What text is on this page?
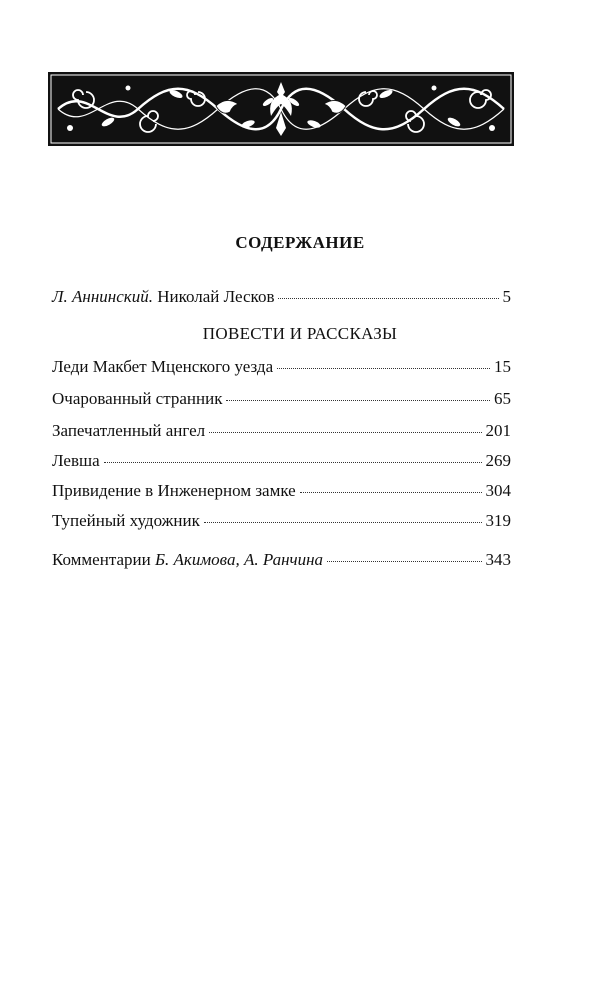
СОДЕРЖАНИЕ
Л. Аннинский. Николай Лесков	5
ПОВЕСТИ И РАССКАЗЫ
Леди Макбет Мценского уезда	15
Очарованный странник	65
Запечатленный ангел	201
Левша	269
Привидение в Инженерном замке	304
Тупейный художник	319
Комментарии Б. Акимова, А. Ранчина	343
